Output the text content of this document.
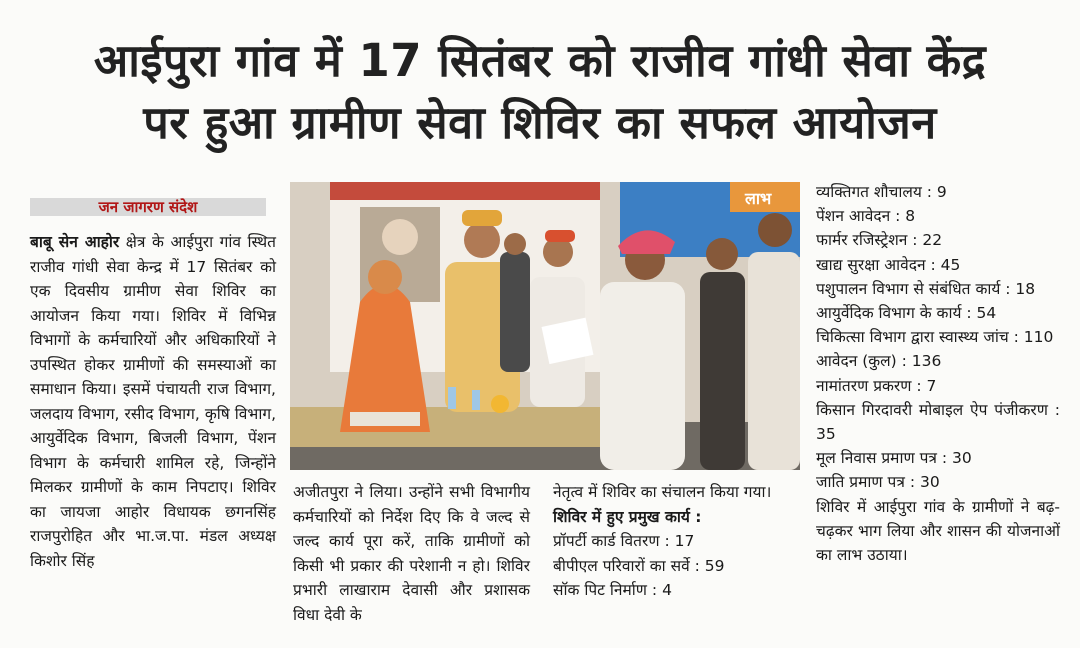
आईपुरा गांव में 17 सितंबर को राजीव गांधी सेवा केंद्र
पर हुआ ग्रामीण सेवा शिविर का सफल आयोजन
जन जागरण संदेश

बाबू सेन आहोर क्षेत्र के आईपुरा गांव स्थित राजीव गांधी सेवा केन्द्र में 17 सितंबर को एक दिवसीय ग्रामीण सेवा शिविर का आयोजन किया गया। शिविर में विभिन्न विभागों के कर्मचारियों और अधिकारियों ने उपस्थित होकर ग्रामीणों की समस्याओं का समाधान किया। इसमें पंचायती राज विभाग, जलदाय विभाग, रसीद विभाग, कृषि विभाग, आयुर्वेदिक विभाग, बिजली विभाग, पेंशन विभाग के कर्मचारी शामिल रहे, जिन्होंने मिलकर ग्रामीणों के काम निपटाए। शिविर का जायजा आहोर विधायक छगनसिंह राजपुरोहित और भा.ज.पा. मंडल अध्यक्ष किशोर सिंह

लाभ

अजीतपुरा ने लिया। उन्होंने सभी विभागीय कर्मचारियों को निर्देश दिए कि वे जल्द से जल्द कार्य पूरा करें, ताकि ग्रामीणों को किसी भी प्रकार की परेशानी न हो। शिविर प्रभारी लाखाराम देवासी और प्रशासक विधा देवी के

नेतृत्व में शिविर का संचालन किया गया।

शिविर में हुए प्रमुख कार्य :

प्रॉपर्टी कार्ड वितरण : 17

बीपीएल परिवारों का सर्वे : 59

सॉक पिट निर्माण : 4

व्यक्तिगत शौचालय : 9

पेंशन आवेदन : 8

फार्मर रजिस्ट्रेशन : 22

खाद्य सुरक्षा आवेदन : 45

पशुपालन विभाग से संबंधित कार्य : 18

आयुर्वेदिक विभाग के कार्य : 54

चिकित्सा विभाग द्वारा स्वास्थ्य जांच : 110

आवेदन (कुल) : 136

नामांतरण प्रकरण : 7

किसान गिरदावरी मोबाइल ऐप पंजीकरण : 35

मूल निवास प्रमाण पत्र : 30

जाति प्रमाण पत्र : 30

शिविर में आईपुरा गांव के ग्रामीणों ने बढ़-चढ़कर भाग लिया और शासन की योजनाओं का लाभ उठाया।
